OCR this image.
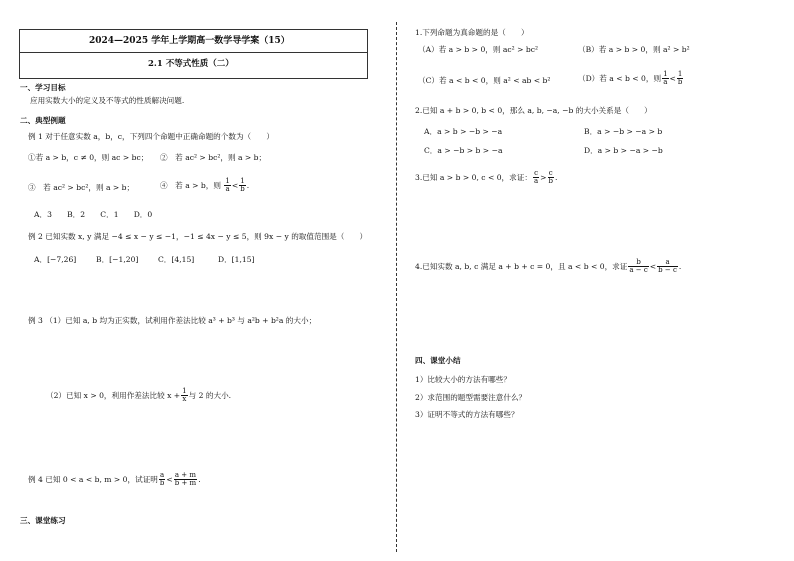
2024—2025 学年上学期高一数学导学案（15）
2.1 不等式性质（二）
一、学习目标
应用实数大小的定义及不等式的性质解决问题.
二、典型例题
例 1 对于任意实数 a，b，c，下列四个命题中正确命题的个数为（　　）
①若 a > b，c ≠ 0，则 ac > bc； ②　若 ac² > bc²，则 a > b；
③　若 ac² > bc²，则 a > b；	④　若 a > b，则 $\frac{1}{a} < \frac{1}{b}$ .
A．3　　B．2　　C．1　　D．0
例 2 已知实数 x, y 满足 −4 ≤ x − y ≤ −1，−1 ≤ 4x − y ≤ 5，则 9x − y 的取值范围是（　　）
A．[−7,26]	B．[−1,20]	C．[4,15]	D．[1,15]
例 3 （1）已知 a, b 均为正实数，试利用作差法比较 a³ + b³ 与 a²b + b²a 的大小；
（2）已知 x > 0，利用作差法比较 $x + \frac{1}{x}$ 与 2 的大小.
例 4 已知 0 < a < b, m > 0，试证明 $\frac{a}{b} < \frac{a + m}{b + m}$ .
三、课堂练习
1.下列命题为真命题的是（　　）
（A）若 a > b > 0，则 ac² > bc²	（B）若 a > b > 0，则 a² > b²
（C）若 a < b < 0，则 a² < ab < b²	（D）若 a < b < 0，则 $\frac{1}{a} < \frac{1}{b}$
2.已知 a + b > 0, b < 0，那么 a, b, −a, −b 的大小关系是（　　）
A．a > b > −b > −a	B．a > −b > −a > b
C．a > −b > b > −a	D．a > b > −a > −b
3.已知 a > b > 0, c < 0，求证： $\frac{c}{a} > \frac{c}{b}$ .
4.已知实数 a, b, c 满足 a + b + c = 0，且 a < b < 0，求证 $\frac{b}{a - c} < \frac{a}{b - c}$ .
四、课堂小结
1）比较大小的方法有哪些？
2）求范围的题型需要注意什么？
3）证明不等式的方法有哪些？
